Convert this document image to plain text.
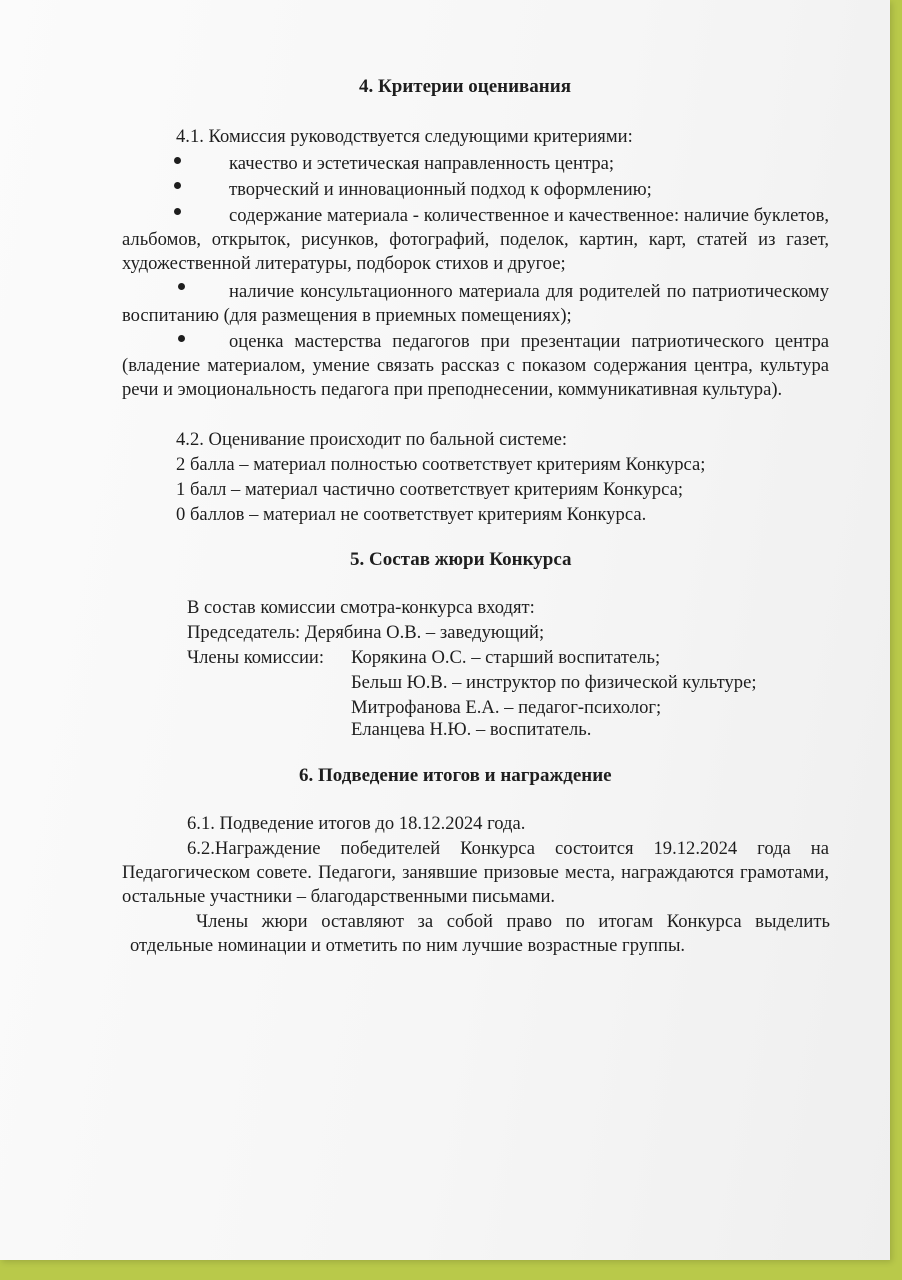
4. Критерии оценивания
4.1. Комиссия руководствуется следующими критериями:
качество и эстетическая направленность центра;
творческий и инновационный подход к оформлению;
содержание материала - количественное и качественное: наличие буклетов, альбомов, открыток, рисунков, фотографий, поделок, картин, карт, статей из газет, художественной литературы, подборок стихов и другое;
наличие консультационного материала для родителей по патриотическому воспитанию (для размещения в приемных помещениях);
оценка мастерства педагогов при презентации патриотического центра (владение материалом, умение связать рассказ с показом содержания центра, культура речи и эмоциональность педагога при преподнесении, коммуникативная культура).
4.2. Оценивание происходит по бальной системе:
2 балла – материал полностью соответствует критериям Конкурса;
1 балл – материал частично соответствует критериям Конкурса;
0 баллов – материал не соответствует критериям Конкурса.
5. Состав жюри Конкурса
В состав комиссии смотра-конкурса входят:
Председатель: Дерябина О.В. – заведующий;
Члены комиссии: Корякина О.С. – старший воспитатель;
Бельш Ю.В. – инструктор по физической культуре;
Митрофанова Е.А. – педагог-психолог;
Еланцева Н.Ю. – воспитатель.
6. Подведение итогов и награждение
6.1. Подведение итогов до 18.12.2024 года.
6.2.Награждение победителей Конкурса состоится 19.12.2024 года на Педагогическом совете. Педагоги, занявшие призовые места, награждаются грамотами, остальные участники – благодарственными письмами.
Члены жюри оставляют за собой право по итогам Конкурса выделить отдельные номинации и отметить по ним лучшие возрастные группы.
